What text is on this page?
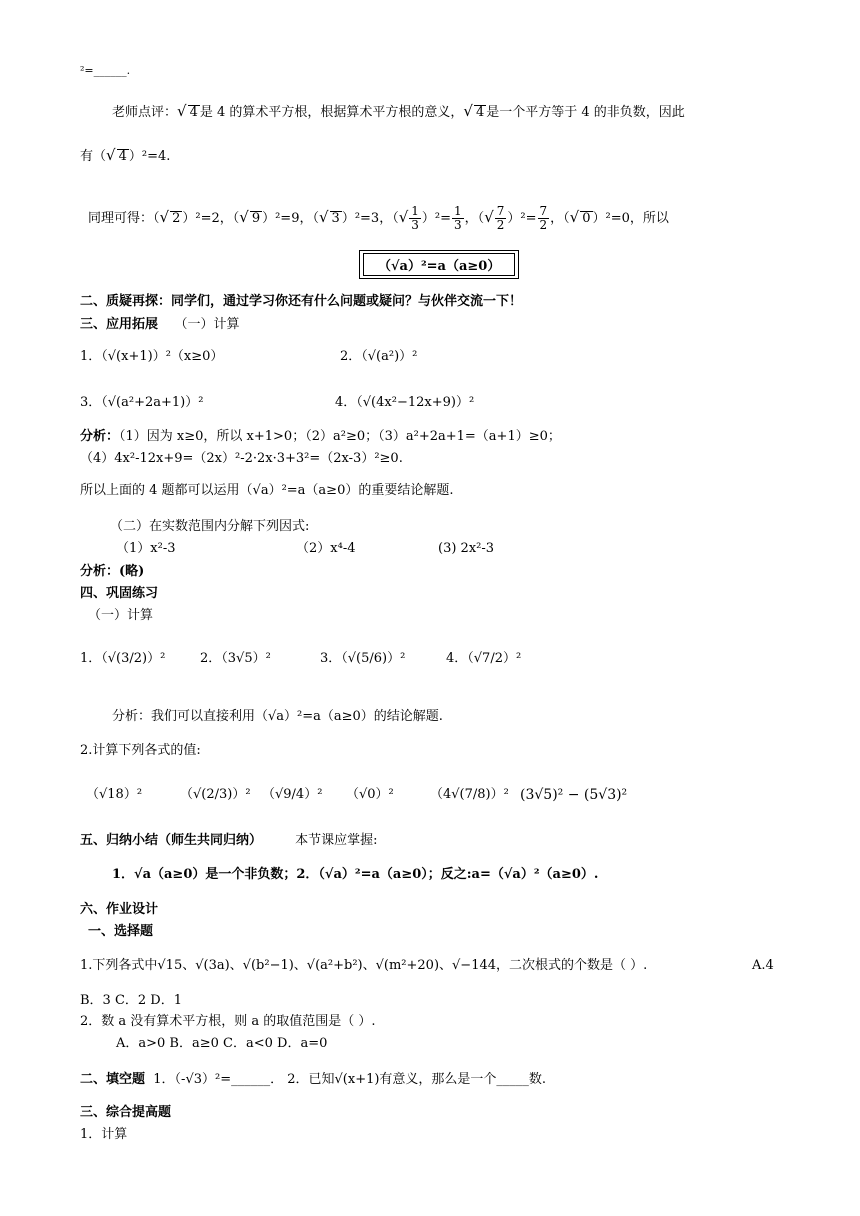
²=______.
老师点评：√ 4 是 4 的算术平方根，根据算术平方根的意义，√ 4 是一个平方等于 4 的非负数，因此
有（√ 4 ）²=4.
同理可得：（√ 2 ）²=2，（√ 9 ）²=9，（√ 3 ）²=3，（√ $\frac{1}{3} )^2= \frac{1}{3}$ ，（√ $\frac{7}{2} )^2= \frac{7}{2}$ ，（√ 0 ）²=0，所以
（√a）²=a（a≥0）
二、质疑再探：同学们，通过学习你还有什么问题或疑问？与伙伴交流一下！
三、应用拓展 （一）计算
1．（√(x+1)）²（x≥0）	2．（√(a²)）²
3．（√(a²+2a+1)）²	4．（√(4x²−12x+9)）²
分析：（1）因为 x≥0，所以 x+1>0；（2）a²≥0；（3）a²+2a+1=（a+1）≥0；
（4）4x²-12x+9=（2x）²-2·2x·3+3²=（2x-3）²≥0.
所以上面的 4 题都可以运用（√a）²=a（a≥0）的重要结论解题.
（二）在实数范围内分解下列因式:
（1）x²-3	（2）x⁴-4	(3) 2x²-3
分析：(略)
四、巩固练习
（一）计算
1．（√(3/2)）²	2．（3√5）²	3．（√(5/6)）²	4．（√7/2）²
分析：我们可以直接利用（√a）²=a（a≥0）的结论解题.
2.计算下列各式的值:
（√18）²	（√(2/3)）² （√9/4）² （√0）²	（4√(7/8)）² (3√5)² − (5√3)²
五、归纳小结（师生共同归纳）	本节课应掌握:
1．√a（a≥0）是一个非负数；2．（√a）²=a（a≥0）；反之:a=（√a）²（a≥0）.
六、作业设计
一、选择题
1.下列各式中√15、√(3a)、√(b²−1)、√(a²+b²)、√(m²+20)、√−144，二次根式的个数是（ ）.	A.4
B．3 C．2 D．1
2．数 a 没有算术平方根，则 a 的取值范围是（ ）.
A．a>0 B．a≥0 C．a<0 D．a=0
二、填空题 1．（-√3）²=______． 2．已知√(x+1)有意义，那么是一个_____数.
三、综合提高题
1．计算
